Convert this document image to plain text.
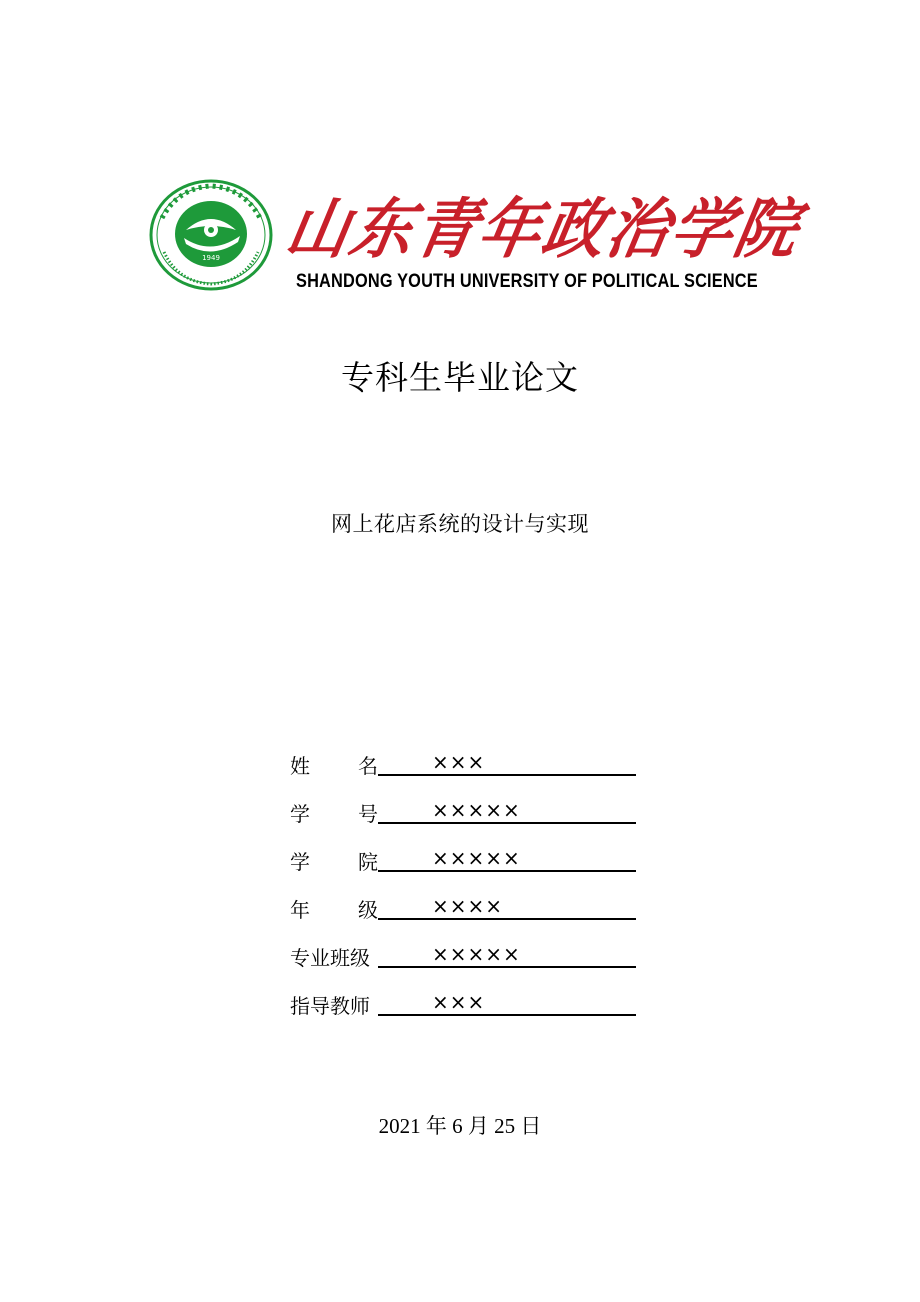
1949 山
东
青
年
政
治
学
院
SHANDONG YOUTH UNIVERSITY OF POLITICAL SCIENCE
专科生毕业论文
网上花店系统的设计与实现
姓 名	×××
学 号	×××××
学 院	×××××
年 级	××××
专业班级	×××××
指导教师	×××
2021 年 6 月 25 日
